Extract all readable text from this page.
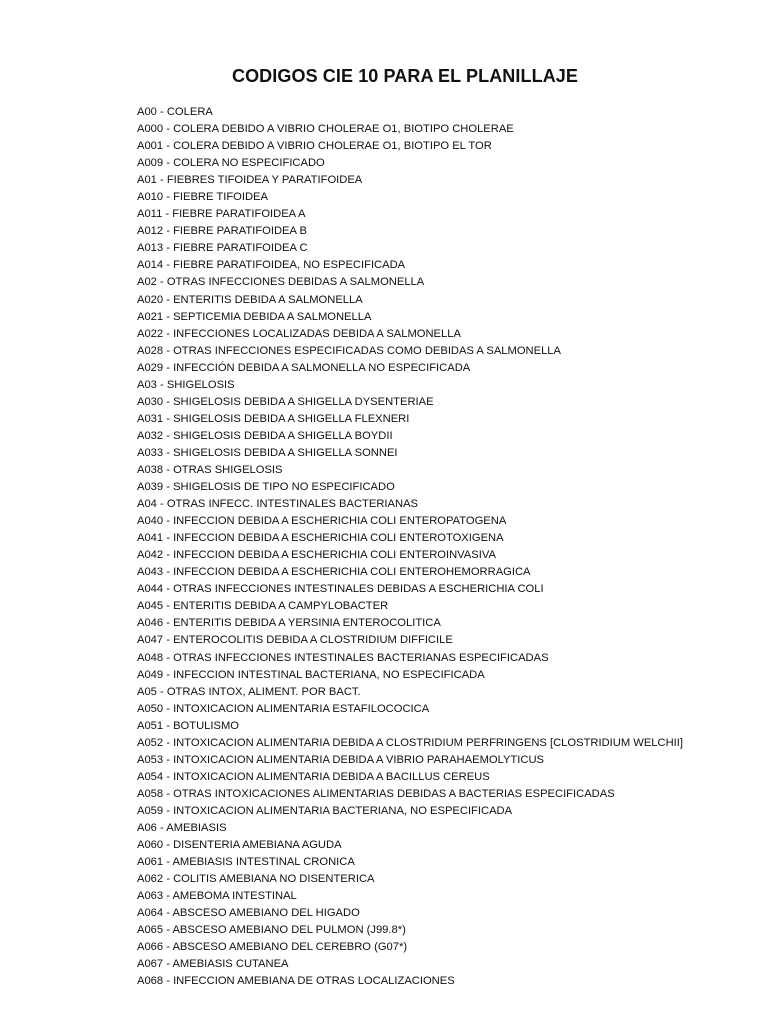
CODIGOS CIE 10 PARA EL PLANILLAJE
A00 - COLERA
A000 - COLERA DEBIDO A VIBRIO CHOLERAE O1, BIOTIPO CHOLERAE
A001 - COLERA DEBIDO A VIBRIO CHOLERAE O1, BIOTIPO EL TOR
A009 - COLERA NO ESPECIFICADO
A01 - FIEBRES TIFOIDEA Y PARATIFOIDEA
A010 - FIEBRE TIFOIDEA
A011 - FIEBRE PARATIFOIDEA A
A012 - FIEBRE PARATIFOIDEA B
A013 - FIEBRE PARATIFOIDEA C
A014 - FIEBRE PARATIFOIDEA, NO ESPECIFICADA
A02 - OTRAS INFECCIONES DEBIDAS A SALMONELLA
A020 - ENTERITIS DEBIDA A SALMONELLA
A021 - SEPTICEMIA DEBIDA A SALMONELLA
A022 - INFECCIONES LOCALIZADAS DEBIDA A SALMONELLA
A028 - OTRAS INFECCIONES ESPECIFICADAS COMO DEBIDAS A SALMONELLA
A029 - INFECCIÓN DEBIDA A SALMONELLA NO ESPECIFICADA
A03 - SHIGELOSIS
A030 - SHIGELOSIS DEBIDA A SHIGELLA DYSENTERIAE
A031 - SHIGELOSIS DEBIDA A SHIGELLA FLEXNERI
A032 - SHIGELOSIS DEBIDA A SHIGELLA BOYDII
A033 - SHIGELOSIS DEBIDA A SHIGELLA SONNEI
A038 - OTRAS SHIGELOSIS
A039 - SHIGELOSIS DE TIPO NO ESPECIFICADO
A04 - OTRAS INFECC. INTESTINALES BACTERIANAS
A040 - INFECCION DEBIDA A ESCHERICHIA COLI ENTEROPATOGENA
A041 - INFECCION DEBIDA A ESCHERICHIA COLI ENTEROTOXIGENA
A042 - INFECCION DEBIDA A ESCHERICHIA COLI ENTEROINVASIVA
A043 - INFECCION DEBIDA A ESCHERICHIA COLI ENTEROHEMORRAGICA
A044 - OTRAS INFECCIONES INTESTINALES DEBIDAS A ESCHERICHIA COLI
A045 - ENTERITIS DEBIDA A CAMPYLOBACTER
A046 - ENTERITIS DEBIDA A YERSINIA ENTEROCOLITICA
A047 - ENTEROCOLITIS DEBIDA A CLOSTRIDIUM DIFFICILE
A048 - OTRAS INFECCIONES INTESTINALES BACTERIANAS ESPECIFICADAS
A049 - INFECCION INTESTINAL BACTERIANA, NO ESPECIFICADA
A05 - OTRAS INTOX, ALIMENT. POR BACT.
A050 - INTOXICACION ALIMENTARIA ESTAFILOCOCICA
A051 - BOTULISMO
A052 - INTOXICACION ALIMENTARIA DEBIDA A CLOSTRIDIUM PERFRINGENS [CLOSTRIDIUM WELCHII]
A053 - INTOXICACION ALIMENTARIA DEBIDA A VIBRIO PARAHAEMOLYTICUS
A054 - INTOXICACION ALIMENTARIA DEBIDA A BACILLUS CEREUS
A058 - OTRAS INTOXICACIONES ALIMENTARIAS DEBIDAS A BACTERIAS ESPECIFICADAS
A059 - INTOXICACION ALIMENTARIA BACTERIANA, NO ESPECIFICADA
A06 - AMEBIASIS
A060 - DISENTERIA AMEBIANA AGUDA
A061 - AMEBIASIS INTESTINAL CRONICA
A062 - COLITIS AMEBIANA NO DISENTERICA
A063 - AMEBOMA INTESTINAL
A064 - ABSCESO AMEBIANO DEL HIGADO
A065 - ABSCESO AMEBIANO DEL PULMON (J99.8*)
A066 - ABSCESO AMEBIANO DEL CEREBRO (G07*)
A067 - AMEBIASIS CUTANEA
A068 - INFECCION AMEBIANA DE OTRAS LOCALIZACIONES
